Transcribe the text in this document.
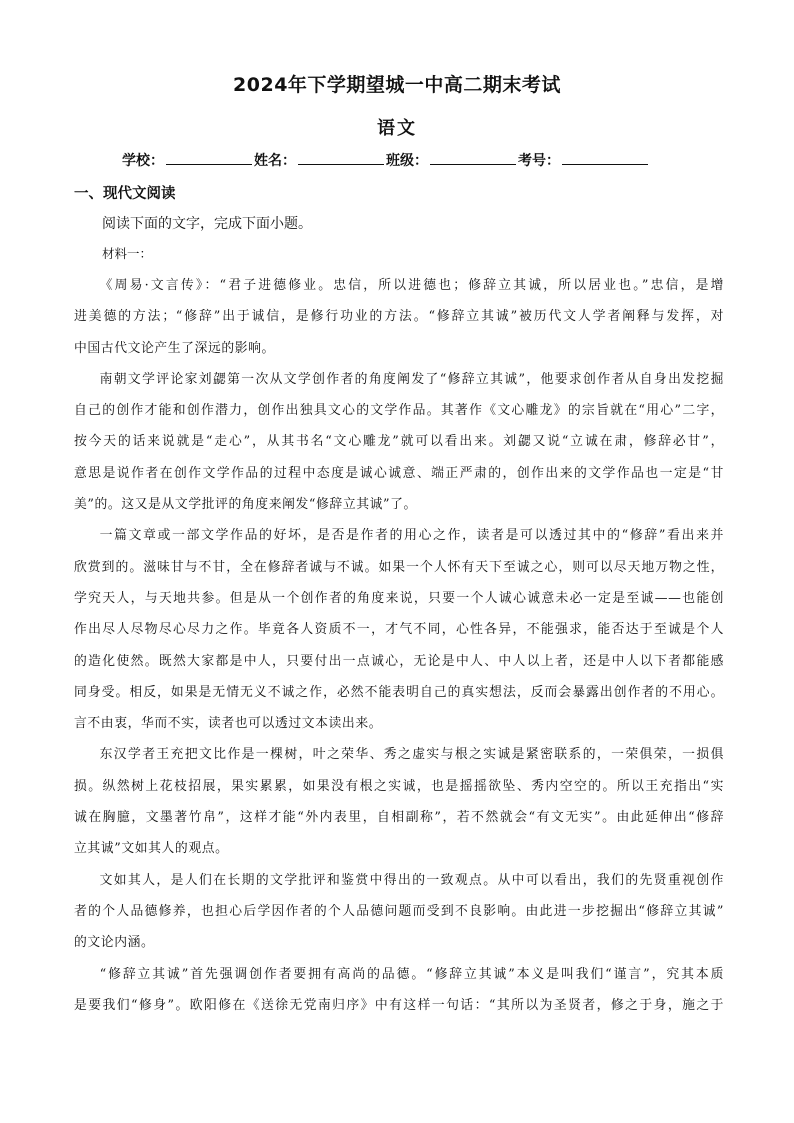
2024年下学期望城一中高二期末考试
语文
学校：	姓名：	班级：	考号：
一、现代文阅读
阅读下面的文字，完成下面小题。
材料一：
《周易·文言传》：“君子进德修业。忠信，所以进德也；修辞立其诚，所以居业也。”忠信，是增
进美德的方法；“修辞”出于诚信，是修行功业的方法。“修辞立其诚”被历代文人学者阐释与发挥，对
中国古代文论产生了深远的影响。
南朝文学评论家刘勰第一次从文学创作者的角度阐发了“修辞立其诚”，他要求创作者从自身出发挖掘
自己的创作才能和创作潜力，创作出独具文心的文学作品。其著作《文心雕龙》的宗旨就在“用心”二字，
按今天的话来说就是“走心”，从其书名“文心雕龙”就可以看出来。刘勰又说“立诚在肃，修辞必甘”，
意思是说作者在创作文学作品的过程中态度是诚心诚意、端正严肃的，创作出来的文学作品也一定是“甘
美”的。这又是从文学批评的角度来阐发“修辞立其诚”了。
一篇文章或一部文学作品的好坏，是否是作者的用心之作，读者是可以透过其中的“修辞”看出来并
欣赏到的。滋味甘与不甘，全在修辞者诚与不诚。如果一个人怀有天下至诚之心，则可以尽天地万物之性，
学究天人，与天地共参。但是从一个创作者的角度来说，只要一个人诚心诚意未必一定是至诚——也能创
作出尽人尽物尽心尽力之作。毕竟各人资质不一，才气不同，心性各异，不能强求，能否达于至诚是个人
的造化使然。既然大家都是中人，只要付出一点诚心，无论是中人、中人以上者，还是中人以下者都能感
同身受。相反，如果是无情无义不诚之作，必然不能表明自己的真实想法，反而会暴露出创作者的不用心。
言不由衷，华而不实，读者也可以透过文本读出来。
东汉学者王充把文比作是一棵树，叶之荣华、秀之虚实与根之实诚是紧密联系的，一荣俱荣，一损俱
损。纵然树上花枝招展，果实累累，如果没有根之实诚，也是摇摇欲坠、秀内空空的。所以王充指出“实
诚在胸臆，文墨著竹帛”，这样才能“外内表里，自相副称”，若不然就会“有文无实”。由此延伸出“修辞
立其诚”文如其人的观点。
文如其人，是人们在长期的文学批评和鉴赏中得出的一致观点。从中可以看出，我们的先贤重视创作
者的个人品德修养，也担心后学因作者的个人品德问题而受到不良影响。由此进一步挖掘出“修辞立其诚”
的文论内涵。
“修辞立其诚”首先强调创作者要拥有高尚的品德。“修辞立其诚”本义是叫我们“谨言”，究其本质
是要我们“修身”。欧阳修在《送徐无党南归序》中有这样一句话：“其所以为圣贤者，修之于身，施之于
